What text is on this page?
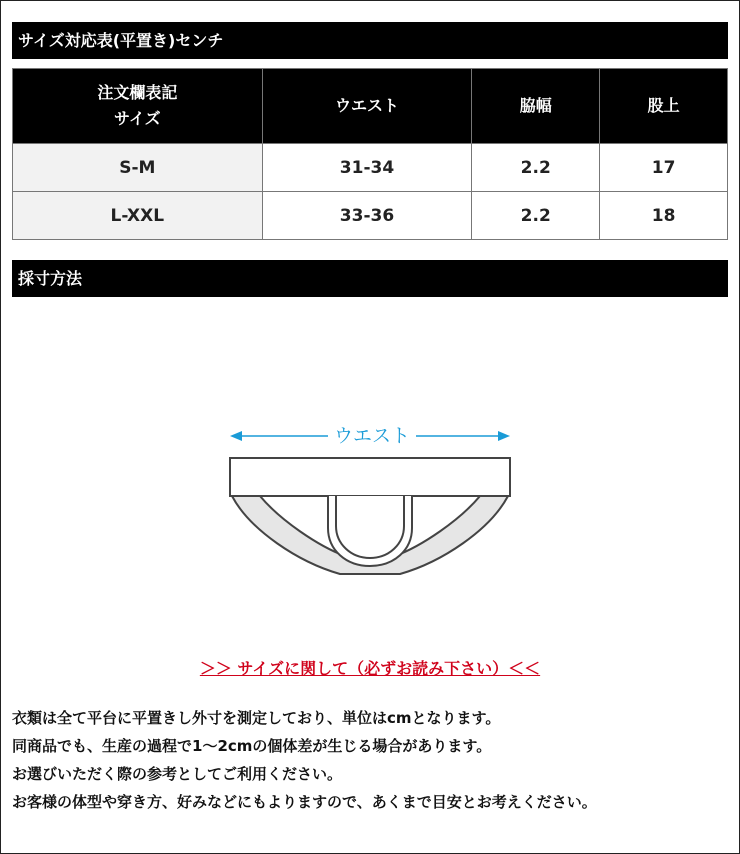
サイズ対応表(平置き)センチ
注文欄表記
サイズ	ウエスト	脇幅	股上
S-M	31-34	2.2	17
L-XXL	33-36	2.2	18
採寸方法
ウエスト
＞＞ サイズに関して（必ずお読み下さい）＜＜

衣類は全て平台に平置きし外寸を測定しており、単位はcmとなります。

同商品でも、生産の過程で1～2cmの個体差が生じる場合があります。

お選びいただく際の参考としてご利用ください。

お客様の体型や穿き方、好みなどにもよりますので、あくまで目安とお考えください。
